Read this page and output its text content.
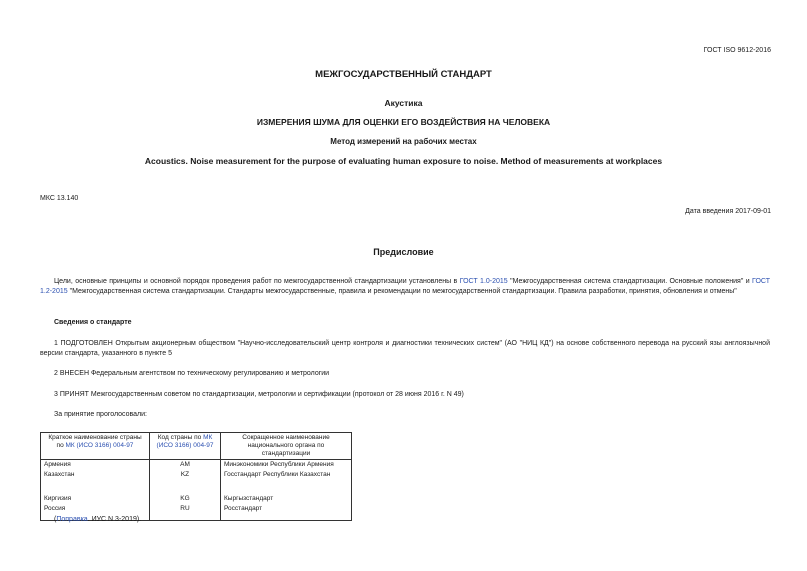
ГОСТ ISO 9612-2016
МЕЖГОСУДАРСТВЕННЫЙ СТАНДАРТ
Акустика
ИЗМЕРЕНИЯ ШУМА ДЛЯ ОЦЕНКИ ЕГО ВОЗДЕЙСТВИЯ НА ЧЕЛОВЕКА
Метод измерений на рабочих местах
Acoustics. Noise measurement for the purpose of evaluating human exposure to noise. Method of measurements at workplaces
МКС 13.140
Дата введения 2017-09-01
Предисловие
Цели, основные принципы и основной порядок проведения работ по межгосударственной стандартизации установлены в ГОСТ 1.0-2015 "Межгосударственная система стандартизации. Основные положения" и ГОСТ 1.2-2015 "Межгосударственная система стандартизации. Стандарты межгосударственные, правила и рекомендации по межгосударственной стандартизации. Правила разработки, принятия, обновления и отмены"
Сведения о стандарте
1 ПОДГОТОВЛЕН Открытым акционерным обществом "Научно-исследовательский центр контроля и диагностики технических систем" (АО "НИЦ КД") на основе собственного перевода на русский язы англоязычной версии стандарта, указанного в пункте 5
2 ВНЕСЕН Федеральным агентством по техническому регулированию и метрологии
3 ПРИНЯТ Межгосударственным советом по стандартизации, метрологии и сертификации (протокол от 28 июня 2016 г. N 49)
За принятие проголосовали:
Краткое наименование страны по МК (ИСО 3166) 004-97	Код страны по МК (ИСО 3166) 004-97	Сокращенное наименование национального органа по стандартизации
Армения	AM	Минэкономики Республики Армения
Казахстан	KZ	Госстандарт Республики Казахстан

Киргизия	KG	Кыргызстандарт
Россия	RU	Росстандарт
(Поправка. ИУС N 3-2019).
